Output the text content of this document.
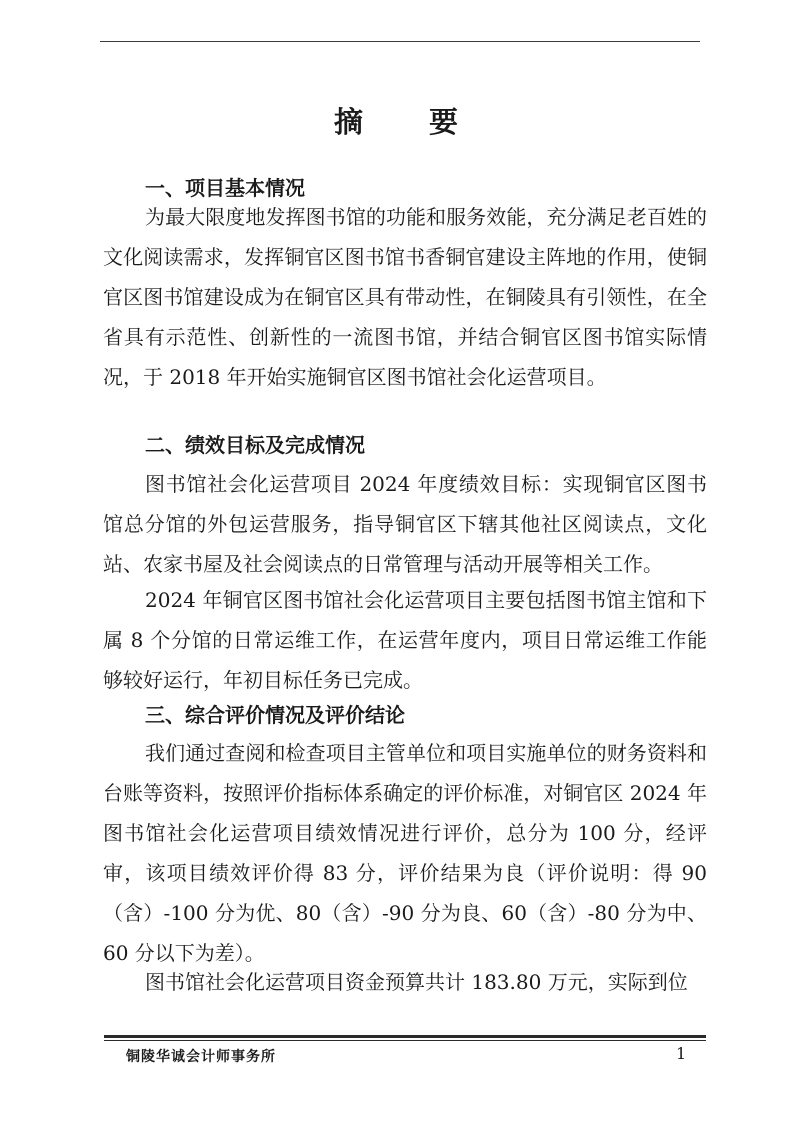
摘 要
一、项目基本情况

为最大限度地发挥图书馆的功能和服务效能，充分满足老百姓的文化阅读需求，发挥铜官区图书馆书香铜官建设主阵地的作用，使铜官区图书馆建设成为在铜官区具有带动性，在铜陵具有引领性，在全省具有示范性、创新性的一流图书馆，并结合铜官区图书馆实际情况，于 2018 年开始实施铜官区图书馆社会化运营项目。

二、绩效目标及完成情况

图书馆社会化运营项目 2024 年度绩效目标：实现铜官区图书馆总分馆的外包运营服务，指导铜官区下辖其他社区阅读点，文化站、农家书屋及社会阅读点的日常管理与活动开展等相关工作。

2024 年铜官区图书馆社会化运营项目主要包括图书馆主馆和下属 8 个分馆的日常运维工作，在运营年度内，项目日常运维工作能够较好运行，年初目标任务已完成。

三、综合评价情况及评价结论

我们通过查阅和检查项目主管单位和项目实施单位的财务资料和台账等资料，按照评价指标体系确定的评价标准，对铜官区 2024 年图书馆社会化运营项目绩效情况进行评价，总分为 100 分，经评审，该项目绩效评价得 83 分，评价结果为良（评价说明：得 90（含）-100 分为优、80（含）-90 分为良、60（含）-80 分为中、60 分以下为差）。

图书馆社会化运营项目资金预算共计 183.80 万元，实际到位

铜陵华诚会计师事务所	1
